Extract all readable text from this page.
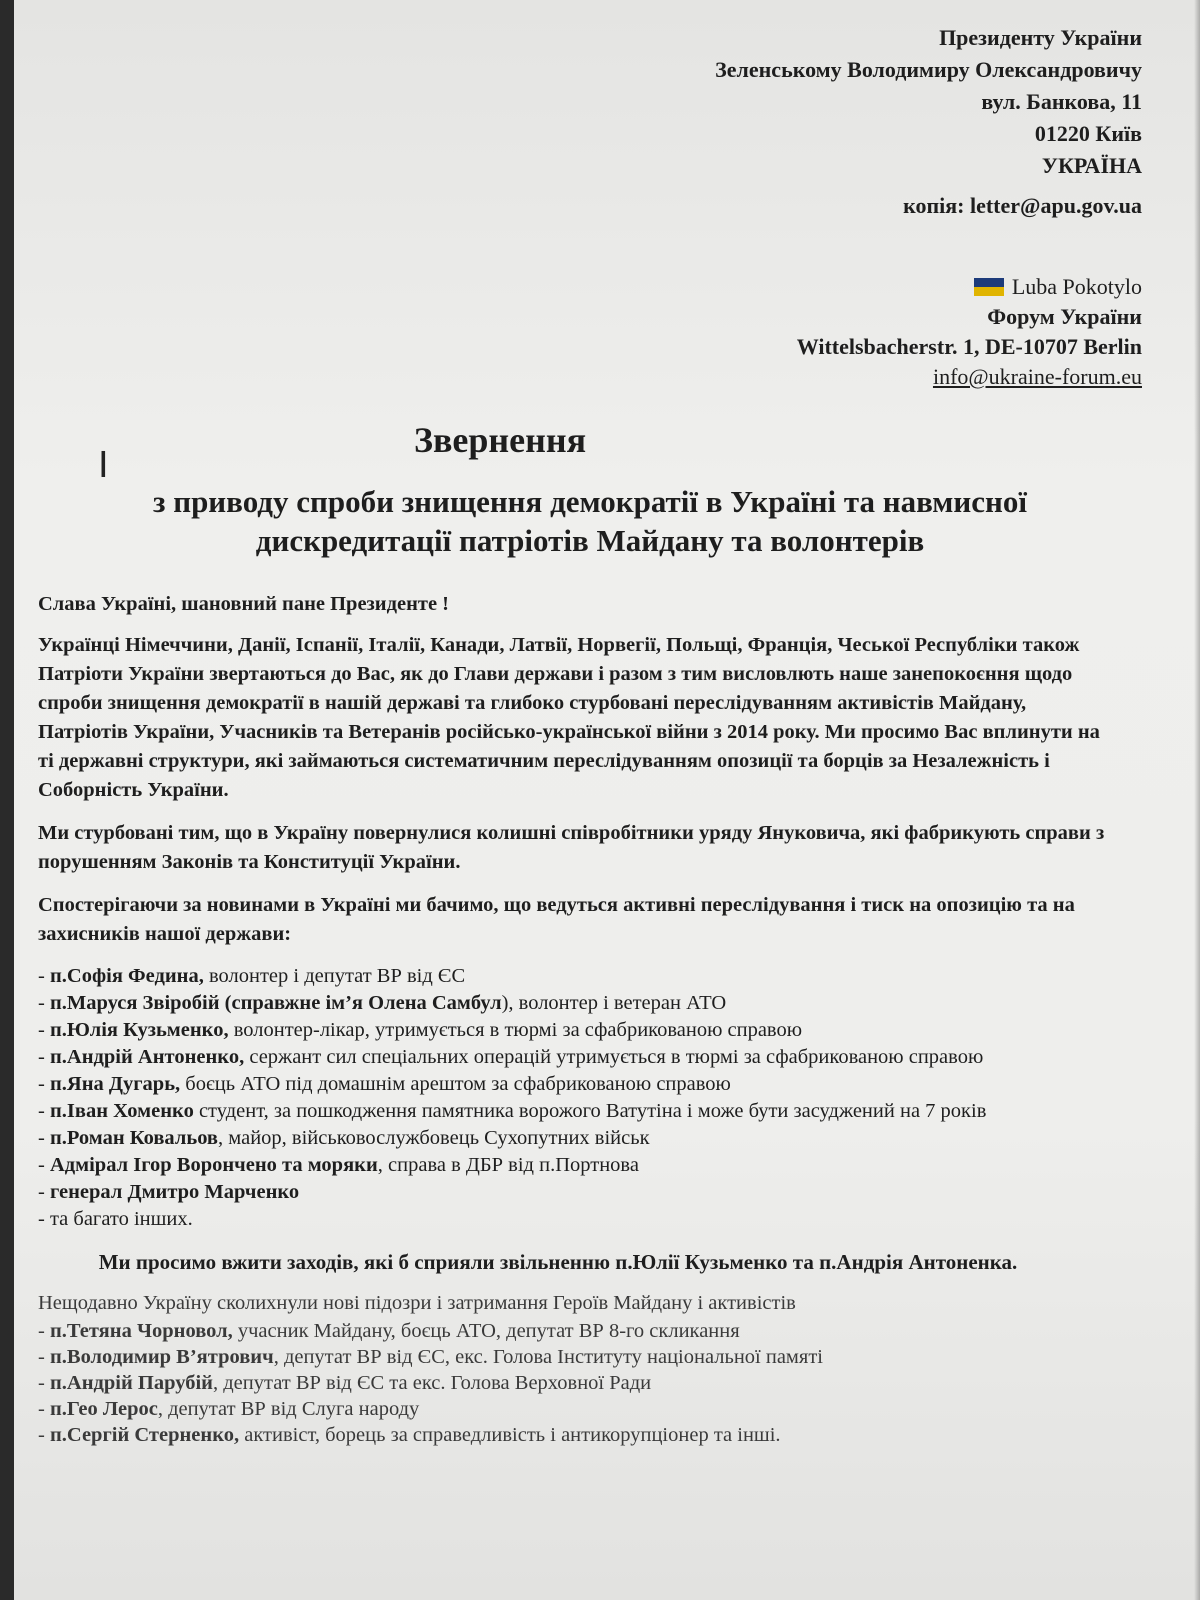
Президенту України
Зеленському Володимиру Олександровичу
вул. Банкова, 11
01220 Київ
УКРАЇНА
копія: letter@apu.gov.ua
Luba Pokotylo
Форум України
Wittelsbacherstr. 1, DE-10707 Berlin
info@ukraine-forum.eu
I
Звернення
з приводу спроби знищення демократії в Україні та навмисної дискредитації патріотів Майдану та волонтерів

Слава Україні, шановний пане Президенте !

Українці Німеччини, Данії, Іспанії, Італії, Канади, Латвії, Норвегії, Польщі, Франція, Чеської Республіки також Патріоти України звертаються до Вас, як до Глави держави і разом з тим висловлють наше занепокоєння щодо спроби знищення демократії в нашій державі та глибоко стурбовані переслідуванням активістів Майдану, Патріотів України, Учасників та Ветеранів російсько-української війни з 2014 року. Ми просимо Вас вплинути на ті державні структури, які займаються систематичним переслідуванням опозиції та борців за Незалежність і Соборність України.

Ми стурбовані тим, що в Україну повернулися колишні співробітники уряду Януковича, які фабрикують справи з порушенням Законів та Конституції України.

Спостерігаючи за новинами в Україні ми бачимо, що ведуться активні переслідування і тиск на опозицію та на захисників нашої держави:

- п.Софія Федина, волонтер і депутат ВР від ЄС
- п.Маруся Звіробій (справжне ім’я Олена Самбул), волонтер і ветеран АТО
- п.Юлія Кузьменко, волонтер-лікар, утримується в тюрмі за сфабрикованою справою
- п.Андрій Антоненко, сержант сил спеціальних операцій утримується в тюрмі за сфабрикованою справою
- п.Яна Дугарь, боєць АТО під домашнім арештом за сфабрикованою справою
- п.Іван Хоменко студент, за пошкодження памятника ворожого Ватутіна і може бути засуджений на 7 років
- п.Роман Ковальов, майор, військовослужбовець Сухопутних військ
- Адмірал Ігор Ворончено та моряки, справа в ДБР від п.Портнова
- генерал Дмитро Марченко
- та багато інших.
Ми просимо вжити заходів, які б сприяли звільненню п.Юлії Кузьменко та п.Андрія Антоненка.
Нещодавно Україну сколихнули нові підозри і затримання Героїв Майдану і активістів
- п.Тетяна Чорновол, учасник Майдану, боєць АТО, депутат ВР 8-го скликання
- п.Володимир В’ятрович, депутат ВР від ЄС, екс. Голова Інституту національної памяті
- п.Андрій Парубій, депутат ВР від ЄС та екс. Голова Верховної Ради
- п.Гео Лерос, депутат ВР від Слуга народу
- п.Сергій Стерненко, активіст, борець за справедливість і антикорупціонер та інші.
